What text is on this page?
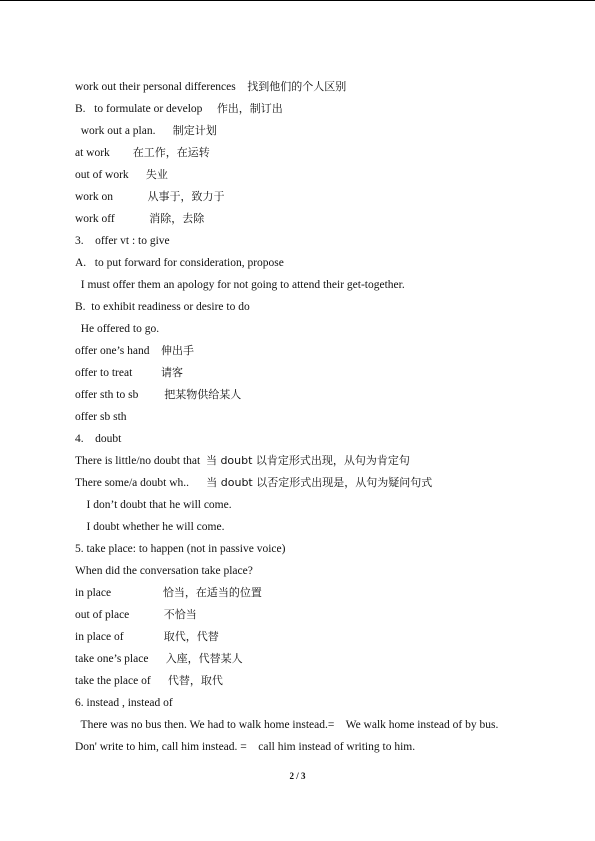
work out their personal differences    找到他们的个人区别
B.   to formulate or develop     作出，制订出
work out a plan.      制定计划
at work        在工作，在运转
out of work      失业
work on            从事于，致力于
work off            消除，去除
3.    offer vt : to give
A.   to put forward for consideration, propose
I must offer them an apology for not going to attend their get-together.
B.  to exhibit readiness or desire to do
He offered to go.
offer one’s hand    伸出手
offer to treat          请客
offer sth to sb         把某物供给某人
offer sb sth
4.    doubt
There is little/no doubt that  当 doubt 以肯定形式出现，从句为肯定句
There some/a doubt wh..      当 doubt 以否定形式出现是，从句为疑问句式
I don’t doubt that he will come.
I doubt whether he will come.
5. take place: to happen (not in passive voice)
When did the conversation take place?
in place                  恰当，在适当的位置
out of place            不恰当
in place of              取代，代替
take one’s place      入座，代替某人
take the place of      代替，取代
6. instead , instead of
There was no bus then. We had to walk home instead.=    We walk home instead of by bus.
Don' write to him, call him instead. =    call him instead of writing to him.
2 / 3
